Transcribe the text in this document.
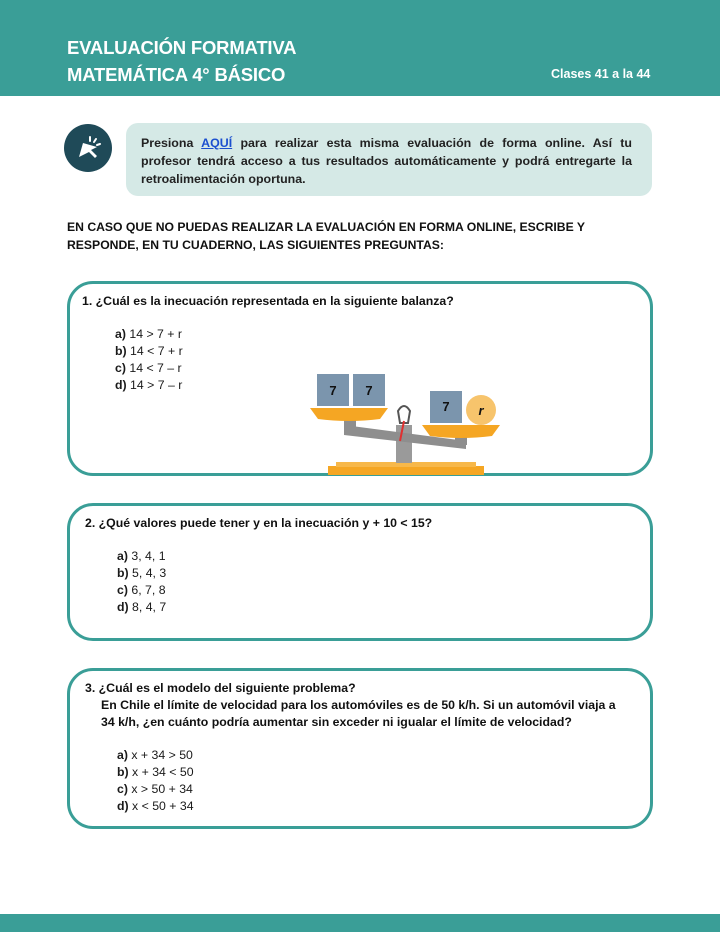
EVALUACIÓN FORMATIVA
MATEMÁTICA 4° BÁSICO	Clases 41 a la 44

Presiona AQUÍ para realizar esta misma evaluación de forma online. Así tu profesor tendrá acceso a tus resultados automáticamente y podrá entregarte la retroalimentación oportuna.

EN CASO QUE NO PUEDAS REALIZAR LA EVALUACIÓN EN FORMA ONLINE, ESCRIBE Y RESPONDE, EN TU CUADERNO, LAS SIGUIENTES PREGUNTAS:
1. ¿Cuál es la inecuación representada en la siguiente balanza?
a) 14 > 7 + r
b) 14 < 7 + r
c) 14 < 7 – r
d) 14 > 7 – r	7 7
7 r
2. ¿Qué valores puede tener y en la inecuación y + 10 < 15?
a) 3, 4, 1
b) 5, 4, 3
c) 6, 7, 8
d) 8, 4, 7
3. ¿Cuál es el modelo del siguiente problema?
En Chile el límite de velocidad para los automóviles es de 50 k/h. Si un automóvil viaja a
34 k/h, ¿en cuánto podría aumentar sin exceder ni igualar el límite de velocidad?
a) x + 34 > 50
b) x + 34 < 50
c) x > 50 + 34
d) x < 50 + 34
